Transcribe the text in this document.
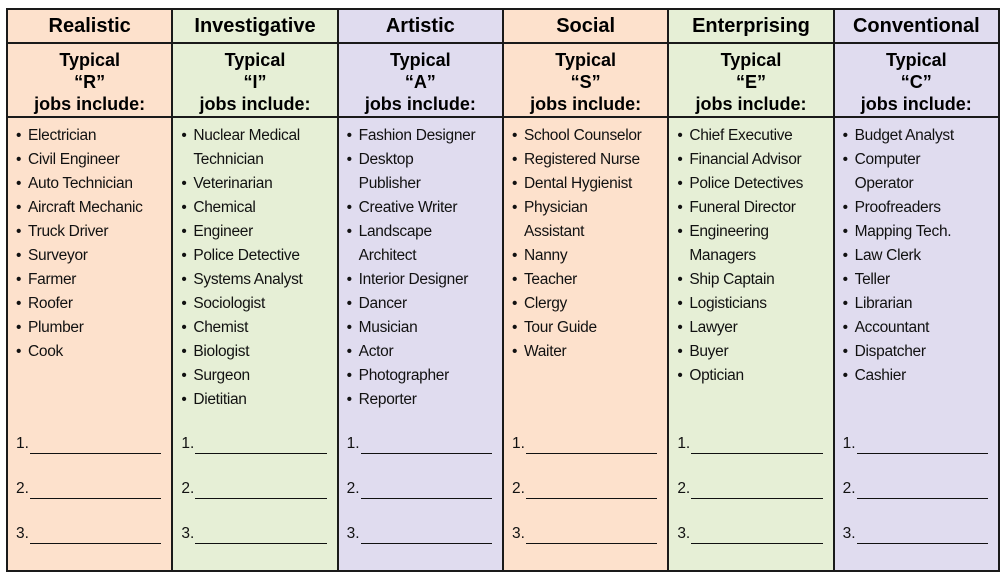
Realistic
Typical
“R”
jobs include:
• Electrician
• Civil Engineer
• Auto Technician
• Aircraft Mechanic
• Truck Driver
• Surveyor
• Farmer
• Roofer
• Plumber
• Cook
1.
2.
3.
Investigative
Typical
“I”
jobs include:
• Nuclear Medical
Technician
• Veterinarian
• Chemical
• Engineer
• Police Detective
• Systems Analyst
• Sociologist
• Chemist
• Biologist
• Surgeon
• Dietitian
1.
2.
3.
Artistic
Typical
“A”
jobs include:
• Fashion Designer
• Desktop
Publisher
• Creative Writer
• Landscape
Architect
• Interior Designer
• Dancer
• Musician
• Actor
• Photographer
• Reporter
1.
2.
3.
Social
Typical
“S”
jobs include:
• School Counselor
• Registered Nurse
• Dental Hygienist
• Physician
Assistant
• Nanny
• Teacher
• Clergy
• Tour Guide
• Waiter
1.
2.
3.
Enterprising
Typical
“E”
jobs include:
• Chief Executive
• Financial Advisor
• Police Detectives
• Funeral Director
• Engineering
Managers
• Ship Captain
• Logisticians
• Lawyer
• Buyer
• Optician
1.
2.
3.
Conventional
Typical
“C”
jobs include:
• Budget Analyst
• Computer
Operator
• Proofreaders
• Mapping Tech.
• Law Clerk
• Teller
• Librarian
• Accountant
• Dispatcher
• Cashier
1.
2.
3.
